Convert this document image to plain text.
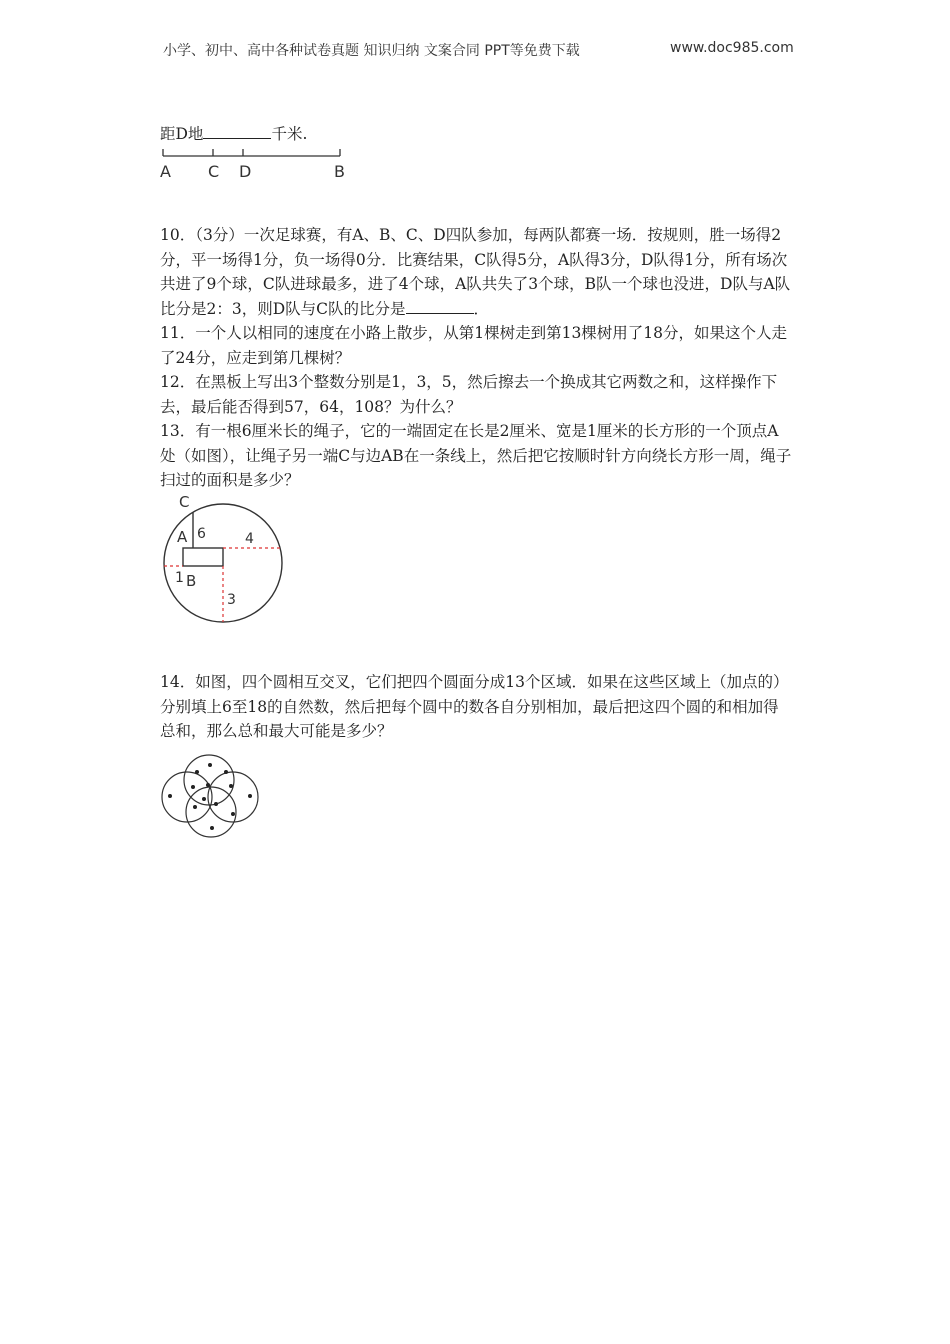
小学、初中、高中各种试卷真题 知识归纳 文案合同 PPT等免费下载	www.doc985.com
距D地	千米.
A C D	B
10．（3分）一次足球赛，有A、B、C、D四队参加，每两队都赛一场．按规则，胜一场得2分，平一场得1分，负一场得0分．比赛结果，C队得5分，A队得3分，D队得1分，所有场次共进了9个球，C队进球最多，进了4个球，A队共失了3个球，B队一个球也没进，D队与A队比分是2：3，则D队与C队的比分是	．
11．一个人以相同的速度在小路上散步，从第1棵树走到第13棵树用了18分，如果这个人走了24分，应走到第几棵树？
12．在黑板上写出3个整数分别是1，3，5，然后擦去一个换成其它两数之和，这样操作下去，最后能否得到57，64，108？为什么？
13．有一根6厘米长的绳子，它的一端固定在长是2厘米、宽是1厘米的长方形的一个顶点A处（如图），让绳子另一端C与边AB在一条线上，然后把它按顺时针方向绕长方形一周，绳子扫过的面积是多少？
C
A 6	4
1 B
3
14．如图，四个圆相互交叉，它们把四个圆面分成13个区域．如果在这些区域上（加点的）分别填上6至18的自然数，然后把每个圆中的数各自分别相加，最后把这四个圆的和相加得总和，那么总和最大可能是多少？
